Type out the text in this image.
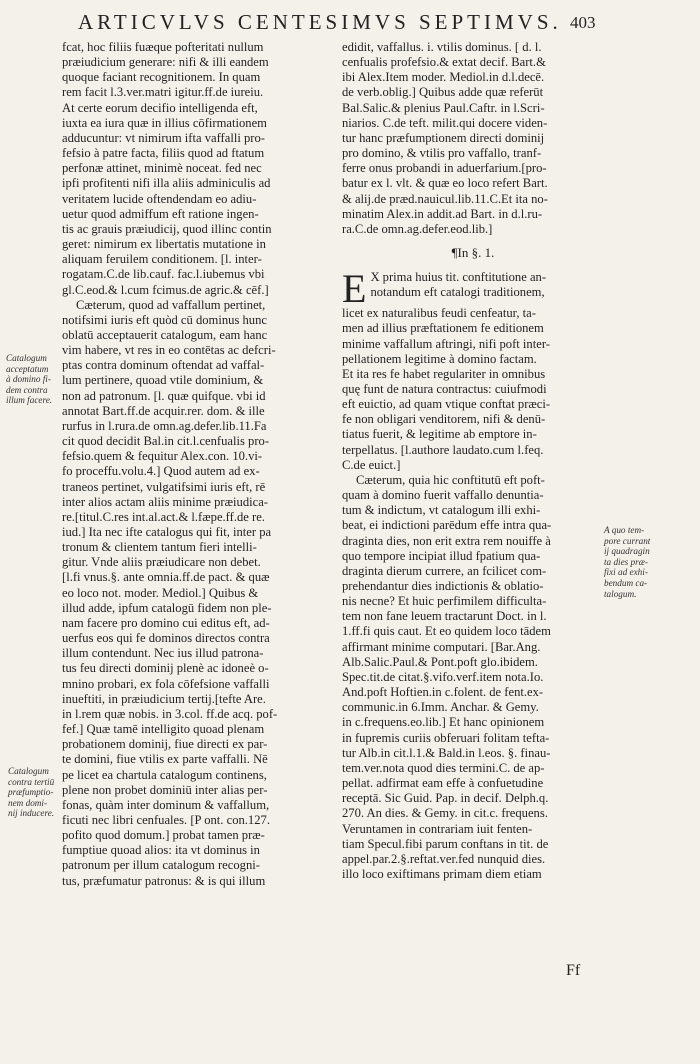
ARTICVLVS CENTESIMVS SEPTIMVS. 403
fcat, hoc filiis fuæque pofteritati nullum
præiudicium generare: nifi & illi eandem
quoque faciant recognitionem. In quam
rem facit l.3.ver.matri igitur.ff.de iureiu.
At certe eorum decifio intelligenda eft,
iuxta ea iura quæ in illius cōfirmationem
adducuntur: vt nimirum ifta vaffalli pro-
fefsio à patre facta, filiis quod ad ftatum
perfonæ attinet, minimè noceat. fed nec
ipfi profitenti nifi illa aliis adminiculis ad
veritatem lucide oftendendam eo adiu-
uetur quod admiffum eft ratione ingen-
tis ac grauis præiudicij, quod illinc contin
geret: nimirum ex libertatis mutatione in
aliquam feruilem conditionem. [l. inter-
rogatam.C.de lib.cauf. fac.l.iubemus vbi
gl.C.eod.& l.cum fcimus.de agric.& cēf.]
Cæterum, quod ad vaffallum pertinet,
notifsimi iuris eft quòd cū dominus hunc
oblatū acceptauerit catalogum, eam hanc
vim habere, vt res in eo contētas ac defcri-
ptas contra dominum oftendat ad vaffal-
lum pertinere, quoad vtile dominium, &
non ad patronum. [l. quæ quifque. vbi id
annotat Bart.ff.de acquir.rer. dom. & ille
rurfus in l.rura.de omn.ag.defer.lib.11.Fa
cit quod decidit Bal.in cit.l.cenfualis pro-
fefsio.quem & fequitur Alex.con. 10.vi-
fo proceffu.volu.4.] Quod autem ad ex-
traneos pertinet, vulgatifsimi iuris eft, rē
inter alios actam aliis minime præiudica-
re.[titul.C.res int.al.act.& l.fæpe.ff.de re.
iud.] Ita nec ifte catalogus qui fit, inter pa
tronum & clientem tantum fieri intelli-
gitur. Vnde aliis præiudicare non debet.
[l.fi vnus.§. ante omnia.ff.de pact. & quæ
eo loco not. moder. Mediol.] Quibus &
illud adde, ipfum catalogū fidem non ple-
nam facere pro domino cui editus eft, ad-
uerfus eos qui fe dominos directos contra
illum contendunt. Nec ius illud patrona-
tus feu directi dominij plenè ac idoneè o-
mnino probari, ex fola cōfefsione vaffalli
inueftiti, in præiudicium tertij.[tefte Are.
in l.rem quæ nobis. in 3.col. ff.de acq. pof-
fef.] Quæ tamē intelligito quoad plenam
probationem dominij, fiue directi ex par-
te domini, fiue vtilis ex parte vaffalli. Nē
pe licet ea chartula catalogum continens,
plene non probet dominiū inter alias per-
fonas, quàm inter dominum & vaffallum,
ficuti nec libri cenfuales. [P ont. con.127.
pofito quod domum.] probat tamen præ-
fumptiue quoad alios: ita vt dominus in
patronum per illum catalogum recogni-
tus, præfumatur patronus: & is qui illum
edidit, vaffallus. i. vtilis dominus. [ d. l.
cenfualis profefsio.& extat decif. Bart.&
ibi Alex.Item moder. Mediol.in d.l.decē.
de verb.oblig.] Quibus adde quæ referūt
Bal.Salic.& plenius Paul.Caftr. in l.Scri-
niarios. C.de teft. milit.qui docere viden-
tur hanc præfumptionem directi dominij
pro domino, & vtilis pro vaffallo, tranf-
ferre onus probandi in aduerfarium.[pro-
batur ex l. vlt. & quæ eo loco refert Bart.
& alij.de præd.nauicul.lib.11.C.Et ita no-
minatim Alex.in addit.ad Bart. in d.l.ru-
ra.C.de omn.ag.defer.eod.lib.]
¶In §. 1.
E X prima huius tit. conftitutione an-
notandum eft catalogi traditionem,
licet ex naturalibus feudi cenfeatur, ta-
men ad illius præftationem fe editionem
minime vaffallum aftringi, nifi poft inter-
pellationem legitime à domino factam.
Et ita res fe habet regulariter in omnibus
quę funt de natura contractus: cuiufmodi
eft euictio, ad quam vtique conftat præci-
fe non obligari venditorem, nifi & denū-
tiatus fuerit, & legitime ab emptore in-
terpellatus. [l.authore laudato.cum l.feq.
C.de euict.]
Cæterum, quia hic conftitutū eft poft-
quam à domino fuerit vaffallo denuntia-
tum & indictum, vt catalogum illi exhi-
beat, ei indictioni parēdum effe intra qua-
draginta dies, non erit extra rem nouiffe à
quo tempore incipiat illud fpatium qua-
draginta dierum currere, an fcilicet com-
prehendantur dies indictionis & oblatio-
nis necne? Et huic perfimilem difficulta-
tem non fane leuem tractarunt Doct. in l.
1.ff.fi quis caut. Et eo quidem loco tādem
affirmant minime computari. [Bar.Ang.
Alb.Salic.Paul.& Pont.poft glo.ibidem.
Spec.tit.de citat.§.vifo.verf.item nota.Io.
And.poft Hoftien.in c.folent. de fent.ex-
communic.in 6.Imm. Anchar. & Gemy.
in c.frequens.eo.lib.] Et hanc opinionem
in fupremis curiis obferuari folitam tefta-
tur Alb.in cit.l.1.& Bald.in l.eos. §. finau-
tem.ver.nota quod dies termini.C. de ap-
pellat. adfirmat eam effe à confuetudine
receptā. Sic Guid. Pap. in decif. Delph.q.
270. An dies. & Gemy. in cit.c. frequens.
Veruntamen in contrariam iuit fenten-
tiam Specul.fibi parum conftans in tit. de
appel.par.2.§.reftat.ver.fed nunquid dies.
illo loco exiftimans primam diem etiam
Catalogum
acceptatum
à domino fi-
dem contra
illum facere.
Catalogum
contra tertiū
præfumptio-
nem domi-
nij inducere.
A quo tem-
pore currant
ij quadragin
ta dies præ-
fixi ad exhi-
bendum ca-
talogum.
Ff
